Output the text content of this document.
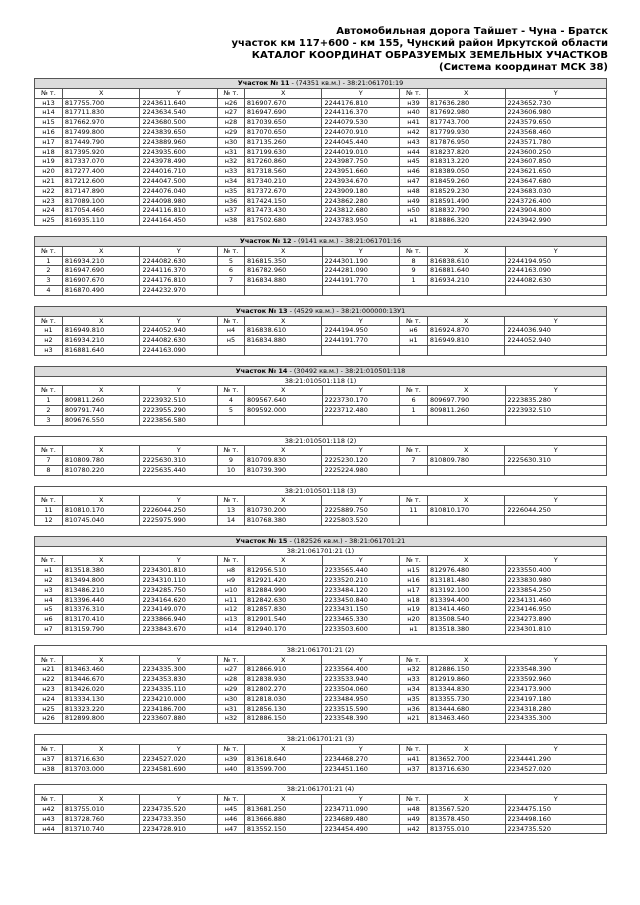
Автомобильная дорога Тайшет - Чуна - Братск
участок км 117+600 - км 155, Чунский район Иркутской области
КАТАЛОГ КООРДИНАТ ОБРАЗУЕМЫХ ЗЕМЕЛЬНЫХ УЧАСТКОВ
(Система координат МСК 38)
Участок № 11 - (74351 кв.м.) - 38:21:061701:19								
№ т.	X	Y	№ т.	X	Y	№ т.	X	Y
н13	817755.700	2243611.640	н26	816907.670	2244176.810	н39	817636.280	2243652.730
н14	817711.830	2243634.540	н27	816947.690	2244116.370	н40	817692.980	2243606.980
н15	817662.970	2243680.500	н28	817039.650	2244079.530	н41	817743.700	2243579.650
н16	817499.800	2243839.650	н29	817070.650	2244070.910	н42	817799.930	2243568.460
н17	817449.790	2243889.960	н30	817135.260	2244045.440	н43	817876.950	2243571.780
н18	817395.920	2243935.600	н31	817199.630	2244019.010	н44	818237.820	2243600.250
н19	817337.070	2243978.490	н32	817260.860	2243987.750	н45	818313.220	2243607.850
н20	817277.400	2244016.710	н33	817318.560	2243951.660	н46	818389.050	2243621.650
н21	817212.600	2244047.500	н34	817340.210	2243934.670	н47	818459.260	2243647.680
н22	817147.890	2244076.040	н35	817372.670	2243909.180	н48	818529.230	2243683.030
н23	817089.100	2244098.980	н36	817424.150	2243862.280	н49	818591.490	2243726.400
н24	817054.460	2244116.810	н37	817473.430	2243812.680	н50	818832.790	2243904.800
н25	816935.110	2244164.450	н38	817502.680	2243783.950	н1	818886.320	2243942.990
Участок № 12 - (9141 кв.м.) - 38:21:061701:16								
№ т.	X	Y	№ т.	X	Y	№ т.	X	Y
1	816934.210	2244082.630	5	816815.350	2244301.190	8	816838.610	2244194.950
2	816947.690	2244116.370	6	816782.960	2244281.090	9	816881.640	2244163.090
3	816907.670	2244176.810	7	816834.880	2244191.770	1	816934.210	2244082.630
4	816870.490	2244232.970						
Участок № 13 - (4529 кв.м.) - 38:21:000000:13У1								
№ т.	X	Y	№ т.	X	Y	№ т.	X	Y
н1	816949.810	2244052.940	н4	816838.610	2244194.950	н6	816924.870	2244036.940
н2	816934.210	2244082.630	н5	816834.880	2244191.770	н1	816949.810	2244052.940
н3	816881.640	2244163.090						
Участок № 14 - (30492 кв.м.) - 38:21:010501:118								
38:21:010501:118 (1)								
№ т.	X	Y	№ т.	X	Y	№ т.	X	Y
1	809811.260	2223932.510	4	809567.640	2223730.170	6	809697.790	2223835.280
2	809791.740	2223955.290	5	809592.000	2223712.480	1	809811.260	2223932.510
3	809676.550	2223856.580						
38:21:010501:118 (2)								
№ т.	X	Y	№ т.	X	Y	№ т.	X	Y
7	810809.780	2225630.310	9	810709.830	2225230.120	7	810809.780	2225630.310
8	810780.220	2225635.440	10	810739.390	2225224.980			
38:21:010501:118 (3)								
№ т.	X	Y	№ т.	X	Y	№ т.	X	Y
11	810810.170	2226044.250	13	810730.200	2225889.750	11	810810.170	2226044.250
12	810745.040	2225975.990	14	810768.380	2225803.520			
Участок № 15 - (182526 кв.м.) - 38:21:061701:21								
38:21:061701:21 (1)								
№ т.	X	Y	№ т.	X	Y	№ т.	X	Y
н1	813518.380	2234301.810	н8	812956.510	2233565.440	н15	812976.480	2233550.400
н2	813494.800	2234310.110	н9	812921.420	2233520.210	н16	813181.480	2233830.980
н3	813486.210	2234285.750	н10	812884.990	2233484.120	н17	813192.100	2233854.250
н4	813396.440	2234164.620	н11	812842.630	2233450.840	н18	813394.400	2234131.460
н5	813376.310	2234149.070	н12	812857.830	2233431.150	н19	813414.460	2234146.950
н6	813170.410	2233866.940	н13	812901.540	2233465.330	н20	813508.540	2234273.890
н7	813159.790	2233843.670	н14	812940.170	2233503.600	н1	813518.380	2234301.810
38:21:061701:21 (2)								
№ т.	X	Y	№ т.	X	Y	№ т.	X	Y
н21	813463.460	2234335.300	н27	812866.910	2233564.400	н32	812886.150	2233548.390
н22	813446.670	2234353.830	н28	812838.930	2233533.940	н33	812919.860	2233592.960
н23	813426.020	2234335.110	н29	812802.270	2233504.060	н34	813344.830	2234173.900
н24	813334.130	2234210.000	н30	812818.030	2233484.950	н35	813355.730	2234197.180
н25	813323.220	2234186.700	н31	812856.130	2233515.590	н36	813444.680	2234318.280
н26	812899.800	2233607.880	н32	812886.150	2233548.390	н21	813463.460	2234335.300
38:21:061701:21 (3)								
№ т.	X	Y	№ т.	X	Y	№ т.	X	Y
н37	813716.630	2234527.020	н39	813618.640	2234468.270	н41	813652.700	2234441.290
н38	813703.000	2234581.690	н40	813599.700	2234451.160	н37	813716.630	2234527.020
38:21:061701:21 (4)								
№ т.	X	Y	№ т.	X	Y	№ т.	X	Y
н42	813755.010	2234735.520	н45	813681.250	2234711.090	н48	813567.520	2234475.150
н43	813728.760	2234733.350	н46	813666.880	2234689.480	н49	813578.450	2234498.160
н44	813710.740	2234728.910	н47	813552.150	2234454.490	н42	813755.010	2234735.520
